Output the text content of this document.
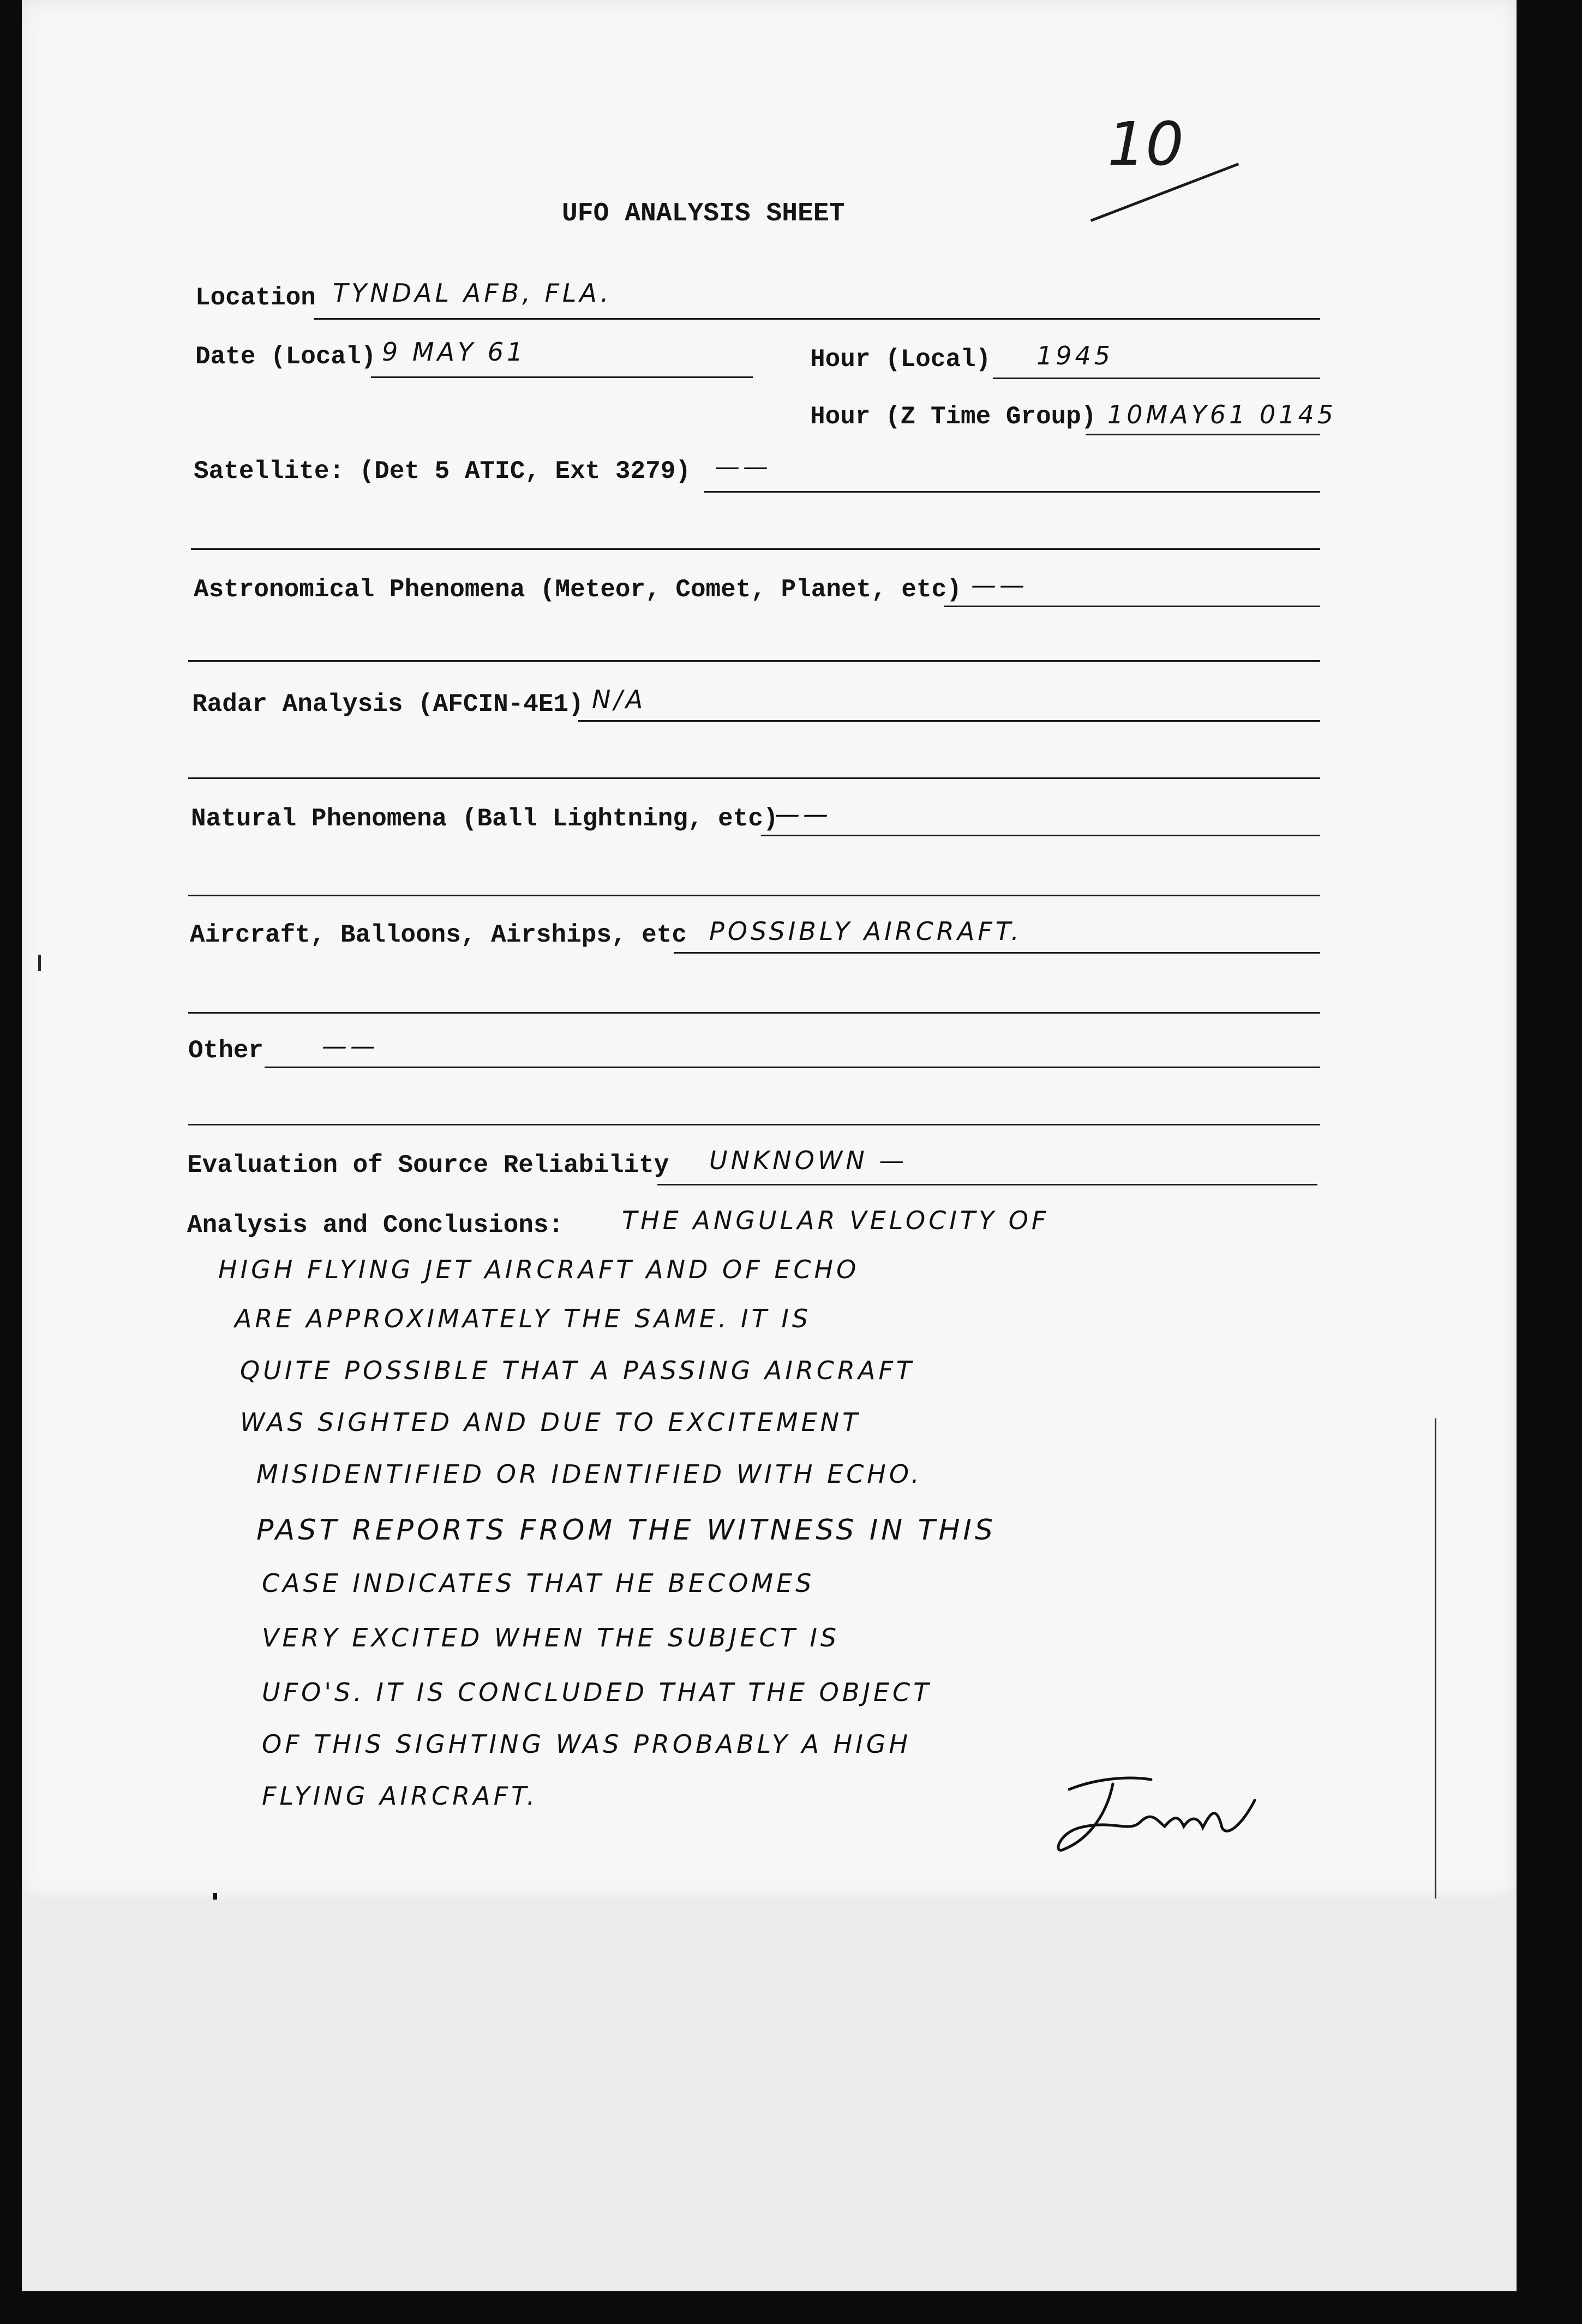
10
UFO ANALYSIS SHEET
Location TYNDAL AFB, FLA.
Date (Local) 9 MAY 61	Hour (Local) 1945
Hour (Z Time Group) 10MAY61 0145
Satellite: (Det 5 ATIC, Ext 3279) ——
Astronomical Phenomena (Meteor, Comet, Planet, etc) ——
Radar Analysis (AFCIN-4E1) N/A
Natural Phenomena (Ball Lightning, etc)
——
Aircraft, Balloons, Airships, etc POSSIBLY AIRCRAFT.
Other ——
Evaluation of Source Reliability UNKNOWN —
Analysis and Conclusions: THE ANGULAR VELOCITY OF
HIGH FLYING JET AIRCRAFT AND OF ECHO
ARE APPROXIMATELY THE SAME. IT IS
QUITE POSSIBLE THAT A PASSING AIRCRAFT
WAS SIGHTED AND DUE TO EXCITEMENT
MISIDENTIFIED OR IDENTIFIED WITH ECHO.
PAST REPORTS FROM THE WITNESS IN THIS
CASE INDICATES THAT HE BECOMES
VERY EXCITED WHEN THE SUBJECT IS
UFO'S. IT IS CONCLUDED THAT THE OBJECT
OF THIS SIGHTING WAS PROBABLY A HIGH
FLYING AIRCRAFT.
